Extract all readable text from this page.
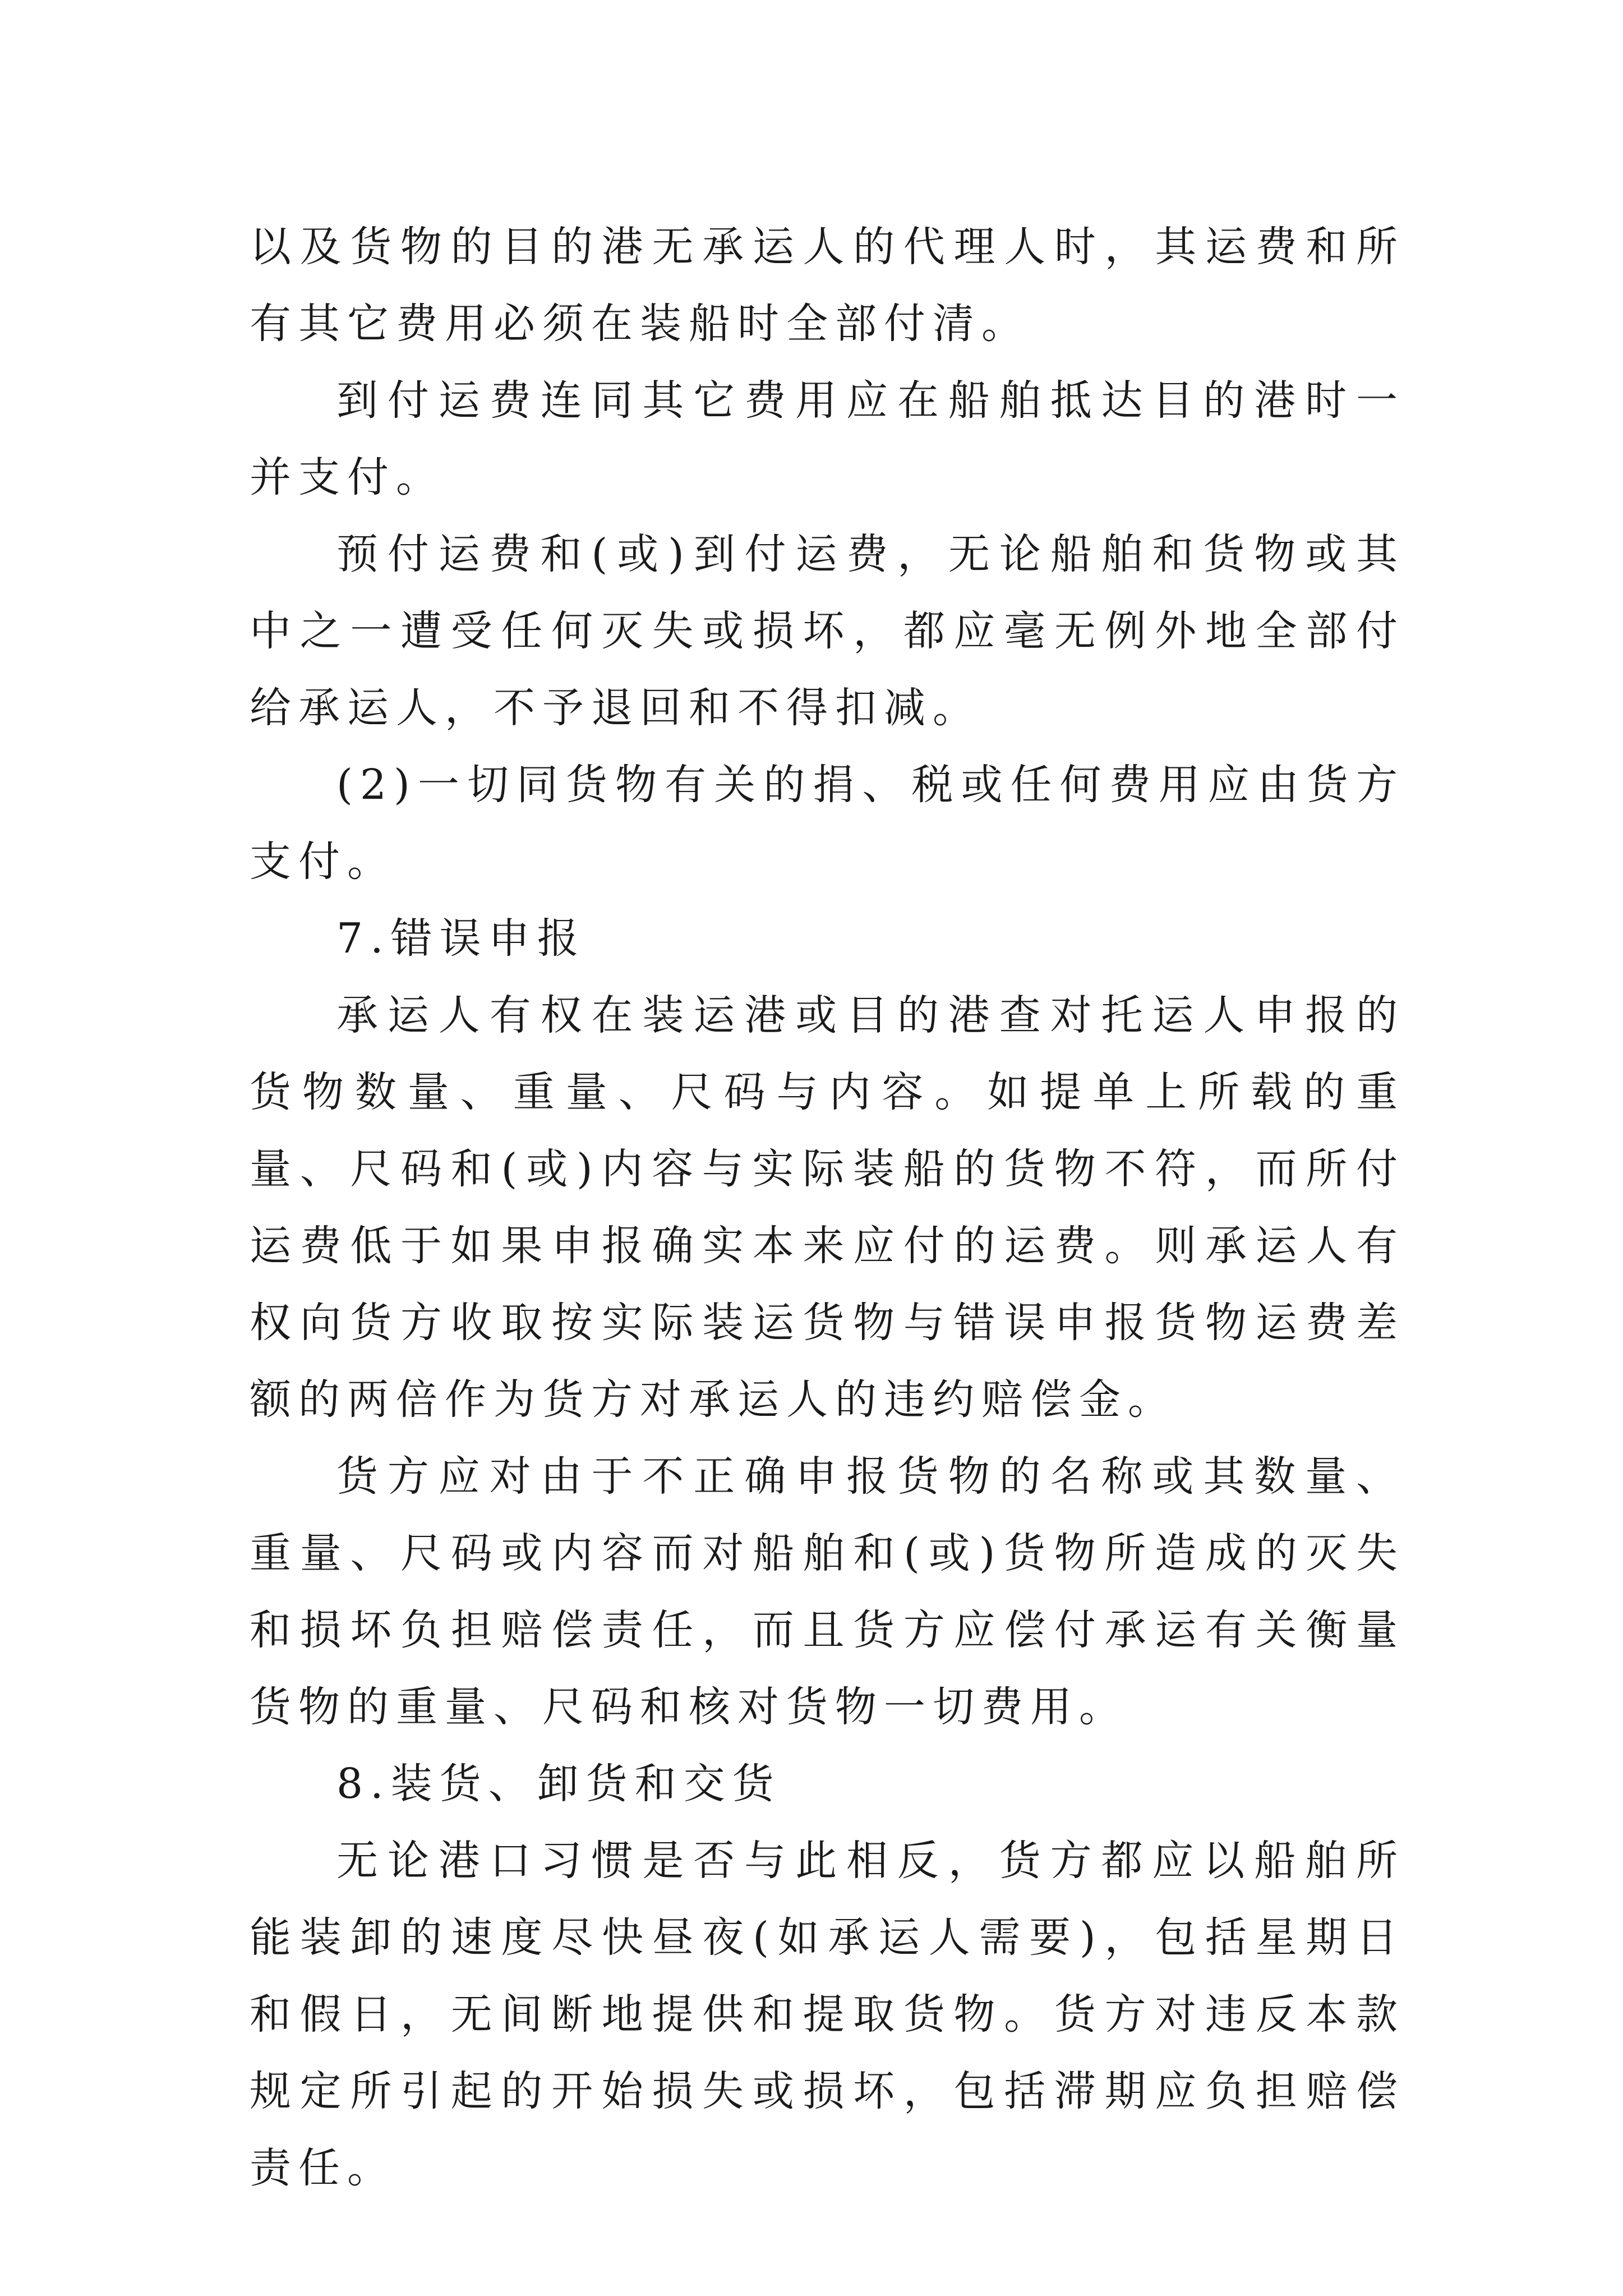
以及货物的目的港无承运人的代理人时，其运费和所有其它费用必须在装船时全部付清。

到付运费连同其它费用应在船舶抵达目的港时一并支付。

预付运费和(或)到付运费，无论船舶和货物或其中之一遭受任何灭失或损坏，都应毫无例外地全部付给承运人，不予退回和不得扣减。

(2)一切同货物有关的捐、税或任何费用应由货方支付。

7.错误申报

承运人有权在装运港或目的港查对托运人申报的货物数量、重量、尺码与内容。如提单上所载的重量、尺码和(或)内容与实际装船的货物不符，而所付运费低于如果申报确实本来应付的运费。则承运人有权向货方收取按实际装运货物与错误申报货物运费差额的两倍作为货方对承运人的违约赔偿金。

货方应对由于不正确申报货物的名称或其数量、重量、尺码或内容而对船舶和(或)货物所造成的灭失和损坏负担赔偿责任，而且货方应偿付承运有关衡量货物的重量、尺码和核对货物一切费用。

8.装货、卸货和交货

无论港口习惯是否与此相反，货方都应以船舶所能装卸的速度尽快昼夜(如承运人需要)，包括星期日和假日，无间断地提供和提取货物。货方对违反本款规定所引起的开始损失或损坏，包括滞期应负担赔偿责任。
